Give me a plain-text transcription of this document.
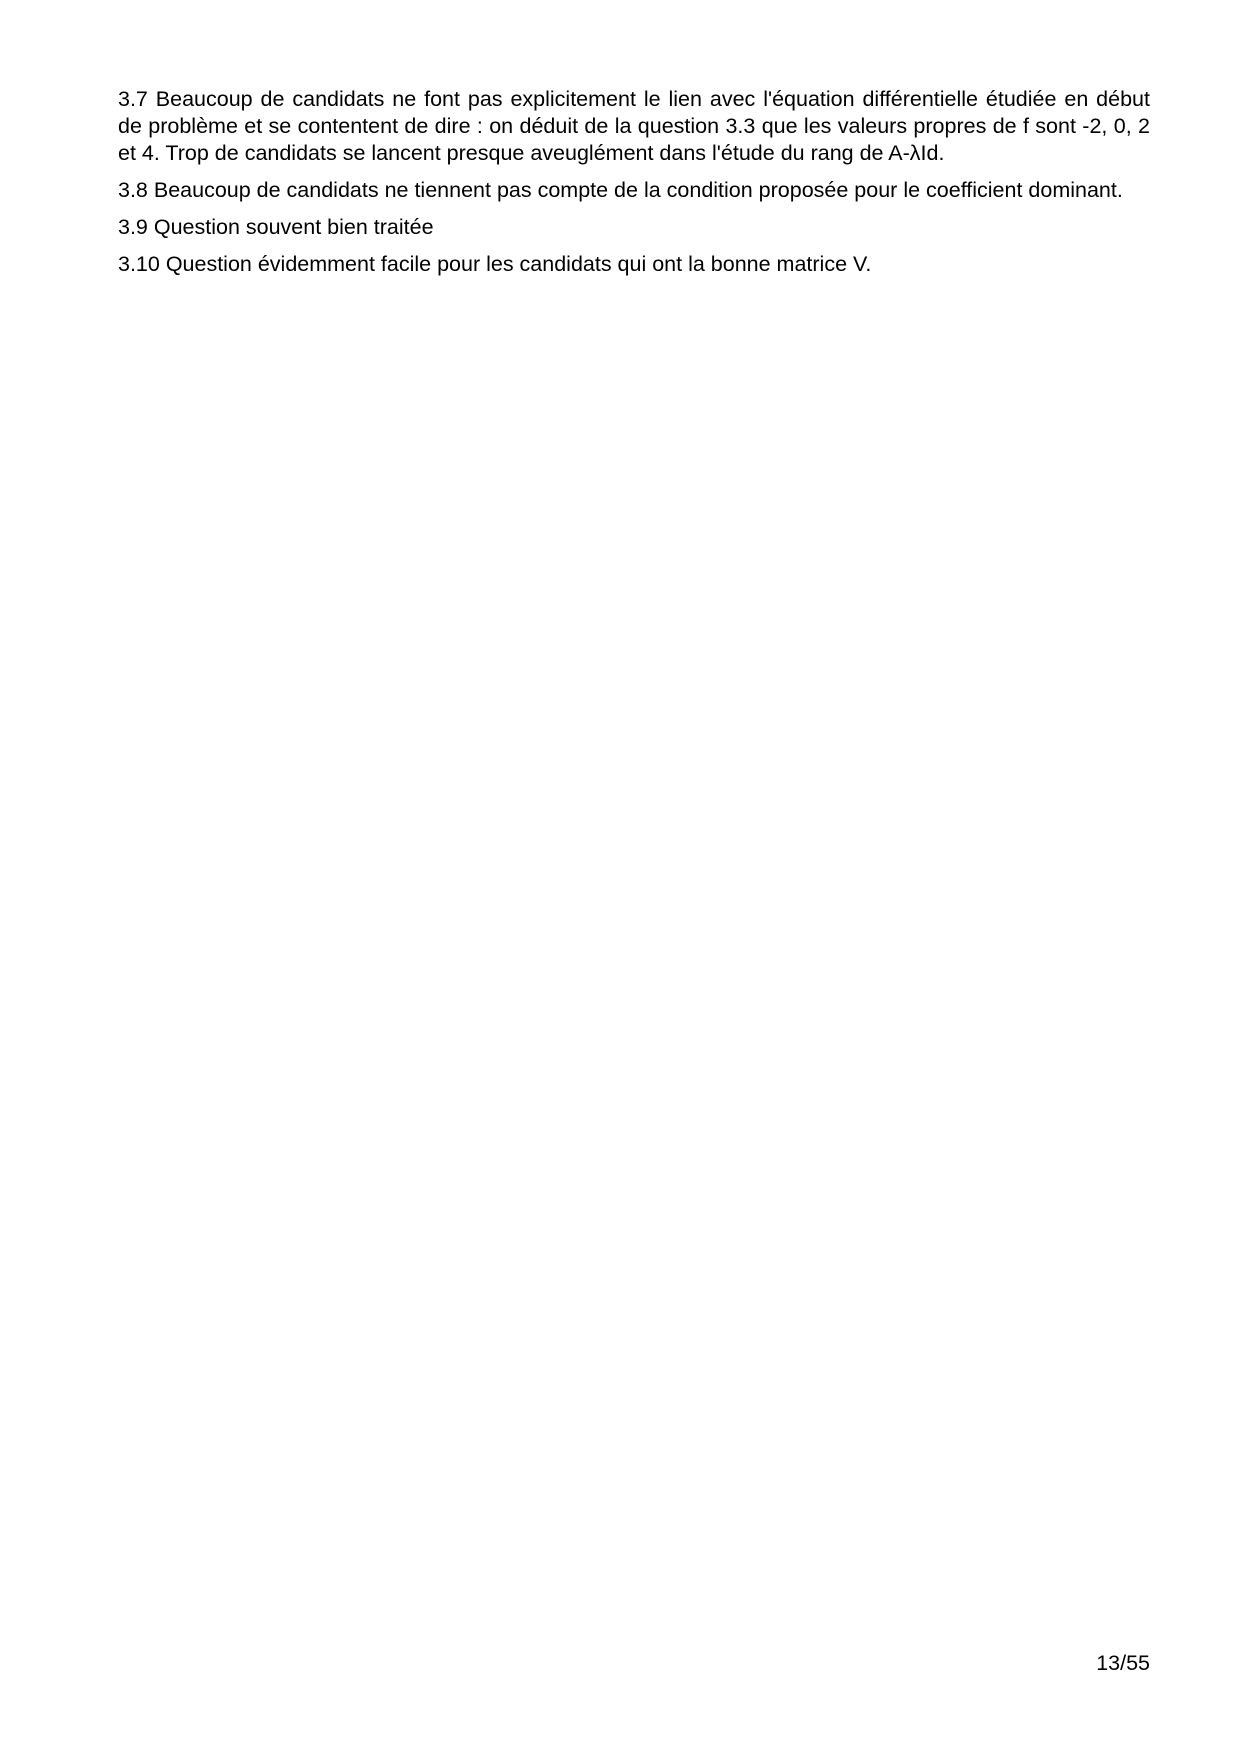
3.7 Beaucoup de candidats ne font pas explicitement le lien avec l'équation différentielle étudiée en début de problème et se contentent de dire : on déduit de la question 3.3 que les valeurs propres de f sont -2, 0, 2 et 4. Trop de candidats se lancent presque aveuglément dans l'étude du rang de A-λId.

3.8 Beaucoup de candidats ne tiennent pas compte de la condition proposée pour le coefficient dominant.

3.9 Question souvent bien traitée

3.10 Question évidemment facile pour les candidats qui ont la bonne matrice V.

13/55
